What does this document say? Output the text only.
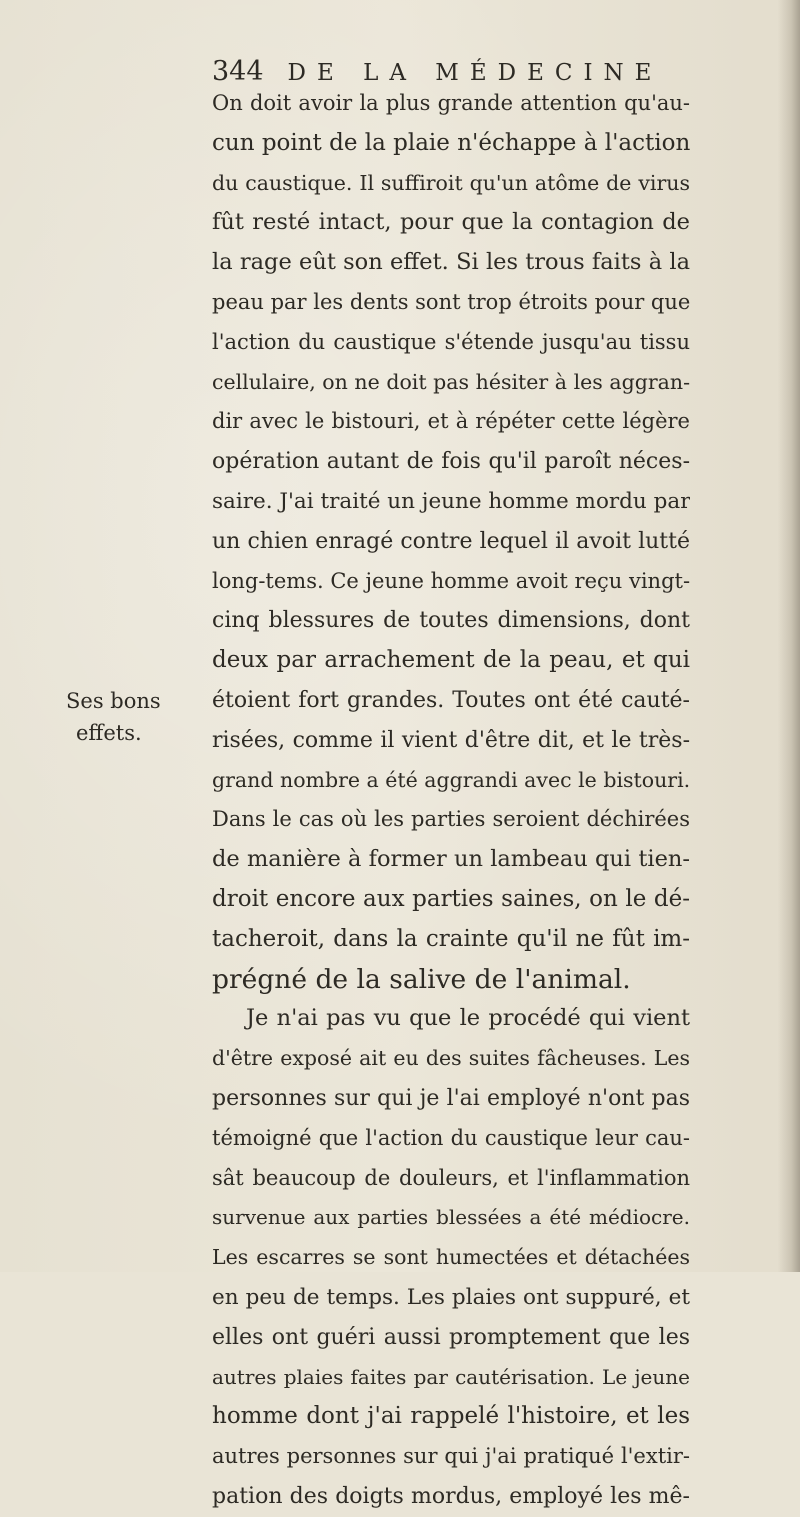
344 DE LA MÉDECINE
Ses bons
effets.
On doit avoir la plus grande attention qu'au-
cun point de la plaie n'échappe à l'action
du caustique. Il suffiroit qu'un atôme de virus
fût resté intact, pour que la contagion de
la rage eût son effet. Si les trous faits à la
peau par les dents sont trop étroits pour que
l'action du caustique s'étende jusqu'au tissu
cellulaire, on ne doit pas hésiter à les aggran-
dir avec le bistouri, et à répéter cette légère
opération autant de fois qu'il paroît néces-
saire. J'ai traité un jeune homme mordu par
un chien enragé contre lequel il avoit lutté
long-tems. Ce jeune homme avoit reçu vingt-
cinq blessures de toutes dimensions, dont
deux par arrachement de la peau, et qui
étoient fort grandes. Toutes ont été cauté-
risées, comme il vient d'être dit, et le très-
grand nombre a été aggrandi avec le bistouri.
Dans le cas où les parties seroient déchirées
de manière à former un lambeau qui tien-
droit encore aux parties saines, on le dé-
tacheroit, dans la crainte qu'il ne fût im-
prégné de la salive de l'animal.
Je n'ai pas vu que le procédé qui vient
d'être exposé ait eu des suites fâcheuses. Les
personnes sur qui je l'ai employé n'ont pas
témoigné que l'action du caustique leur cau-
sât beaucoup de douleurs, et l'inflammation
survenue aux parties blessées a été médiocre.
Les escarres se sont humectées et détachées
en peu de temps. Les plaies ont suppuré, et
elles ont guéri aussi promptement que les
autres plaies faites par cautérisation. Le jeune
homme dont j'ai rappelé l'histoire, et les
autres personnes sur qui j'ai pratiqué l'extir-
pation des doigts mordus, employé les mê-
